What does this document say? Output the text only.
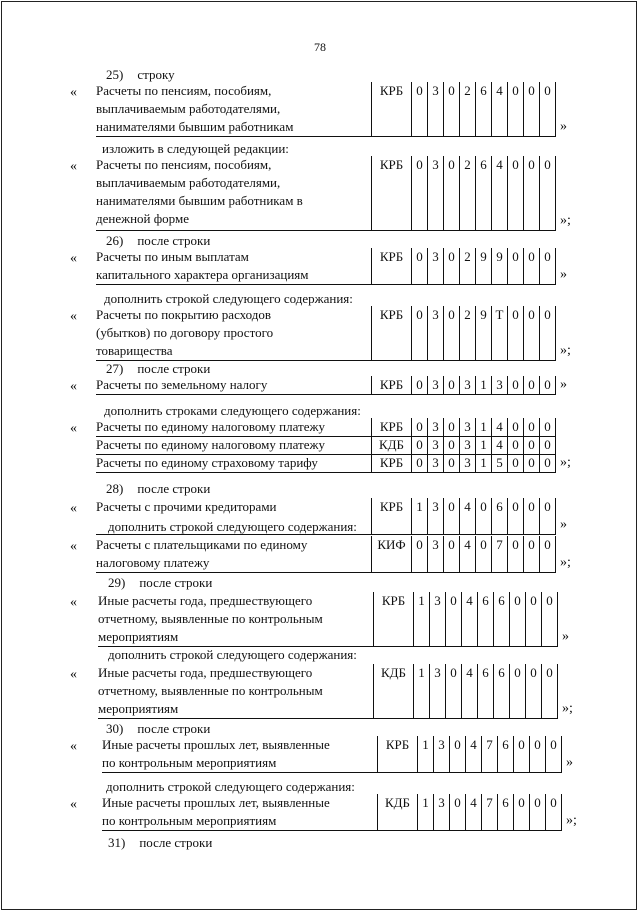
78
25) строку
Расчеты по пенсиям, пособиям,
выплачиваемым работодателями,
нанимателями бывшим работникам
КРБ	0 3 0 2 6 4 0 0 0
«
»
изложить в следующей редакции:
Расчеты по пенсиям, пособиям,
выплачиваемым работодателями,
нанимателями бывшим работникам в
денежной форме
КРБ	0 3 0 2 6 4 0 0 0
«
»;
26) после строки
Расчеты по иным выплатам
капитального характера организациям
КРБ	0 3 0 2 9 9 0 0 0
«
»
дополнить строкой следующего содержания:
Расчеты по покрытию расходов
(убытков) по договору простого
товарищества
КРБ	0 3 0 2 9 Т 0 0 0
«
»;
27) после строки
Расчеты по земельному налогу	КРБ	0 3 0 3 1 3 0 0 0
«	»
дополнить строками следующего содержания:
Расчеты по единому налоговому платежу	КРБ	0 3 0 3 1 4 0 0 0
Расчеты по единому налоговому платежу	КДБ 0 3 0 3 1 4 0 0 0
Расчеты по единому страховому тарифу	КРБ	0 3 0 3 1 5 0 0 0
«
»;
28) после строки
Расчеты с прочими кредиторами	КРБ	1 3 0 4 0 6 0 0 0
«
»
дополнить строкой следующего содержания:
Расчеты с плательщиками по единому
налоговому платежу
КИФ 0 3 0 4 0 7 0 0 0
«
»;
29) после строки
Иные расчеты года, предшествующего
отчетному, выявленные по контрольным
мероприятиям
КРБ	1 3 0 4 6 6 0 0 0
«
»
дополнить строкой следующего содержания:
Иные расчеты года, предшествующего
отчетному, выявленные по контрольным
мероприятиям
КДБ 1 3 0 4 6 6 0 0 0
«
»;
30) после строки
Иные расчеты прошлых лет, выявленные
по контрольным мероприятиям
КРБ	1 3 0 4 7 6 0 0 0
«
»
дополнить строкой следующего содержания:
Иные расчеты прошлых лет, выявленные
по контрольным мероприятиям
КДБ 1 3 0 4 7 6 0 0 0
«
»;
31) после строки
